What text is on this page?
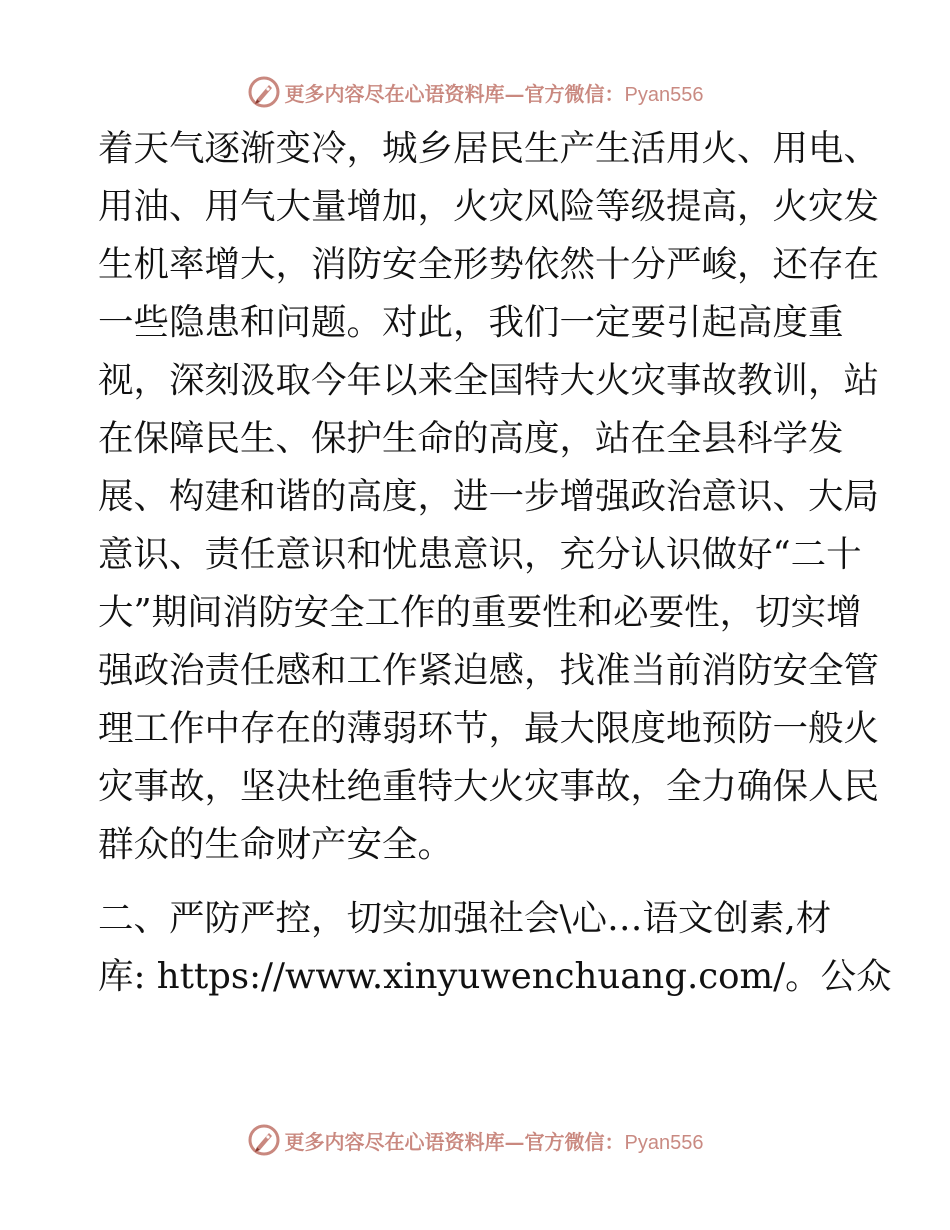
更多内容尽在心语资料库—官方微信：Pyan556
着天气逐渐变冷，城乡居民生产生活用火、用电、
用油、用气大量增加，火灾风险等级提高，火灾发
生机率增大，消防安全形势依然十分严峻，还存在
一些隐患和问题。对此，我们一定要引起高度重
视，深刻汲取今年以来全国特大火灾事故教训，站
在保障民生、保护生命的高度，站在全县科学发
展、构建和谐的高度，进一步增强政治意识、大局
意识、责任意识和忧患意识，充分认识做好“二十
大”期间消防安全工作的重要性和必要性，切实增
强政治责任感和工作紧迫感，找准当前消防安全管
理工作中存在的薄弱环节，最大限度地预防一般火
灾事故，坚决杜绝重特大火灾事故，全力确保人民
群众的生命财产安全。
二、严防严控，切实加强社会\心…语文创素,材
库: https://www.xinyuwenchuang.com/。公众
更多内容尽在心语资料库—官方微信：Pyan556
